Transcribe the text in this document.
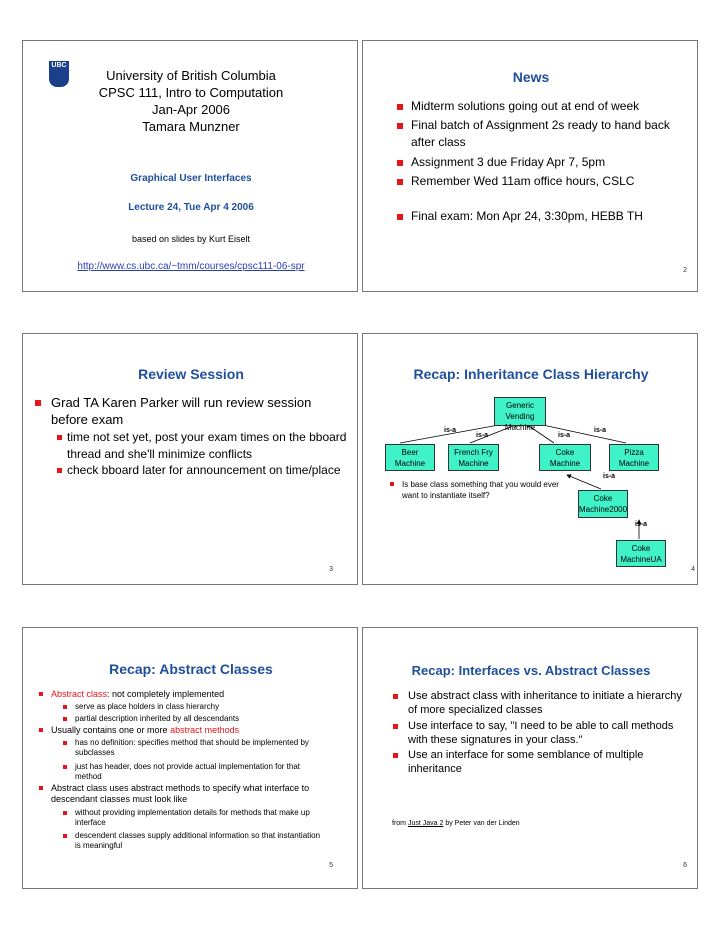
UBC
University of British Columbia
CPSC 111, Intro to Computation
Jan-Apr 2006
Tamara Munzner
Graphical User Interfaces
Lecture 24, Tue Apr 4 2006
based on slides by Kurt Eiselt
http://www.cs.ubc.ca/~tmm/courses/cpsc111-06-spr
News
Midterm solutions going out at end of week
Final batch of Assignment 2s ready to hand back after class
Assignment 3 due Friday Apr 7, 5pm
Remember Wed 11am office hours, CSLC
Final exam: Mon Apr 24, 3:30pm, HEBB TH
2
Review Session
Grad TA Karen Parker will run review session before exam
time not set yet, post your exam times on the bboard thread and she'll minimize conflicts
check bboard later for announcement on time/place
3
Recap: Inheritance Class Hierarchy
Generic Vending Machine
Beer Machine
French Fry Machine
Coke Machine
Pizza Machine
Coke Machine2000
Coke MachineUA
is-a
is-a	is-a
is-a
is-a
is-a
Is base class something that you would ever want to instantiate itself?
4
Recap: Abstract Classes
Abstract class: not completely implemented
serve as place holders in class hierarchy
partial description inherited by all descendants
Usually contains one or more abstract methods
has no definition: specifies method that should be implemented by subclasses
just has header, does not provide actual implementation for that method
Abstract class uses abstract methods to specify what interface to descendant classes must look like
without providing implementation details for methods that make up interface
descendent classes supply additional information so that instantiation is meaningful
5
Recap: Interfaces vs. Abstract Classes
Use abstract class with inheritance to initiate a hierarchy of more specialized classes
Use interface to say, "I need to be able to call methods with these signatures in your class."
Use an interface for some semblance of multiple inheritance
from Just Java 2 by Peter van der Linden
6
